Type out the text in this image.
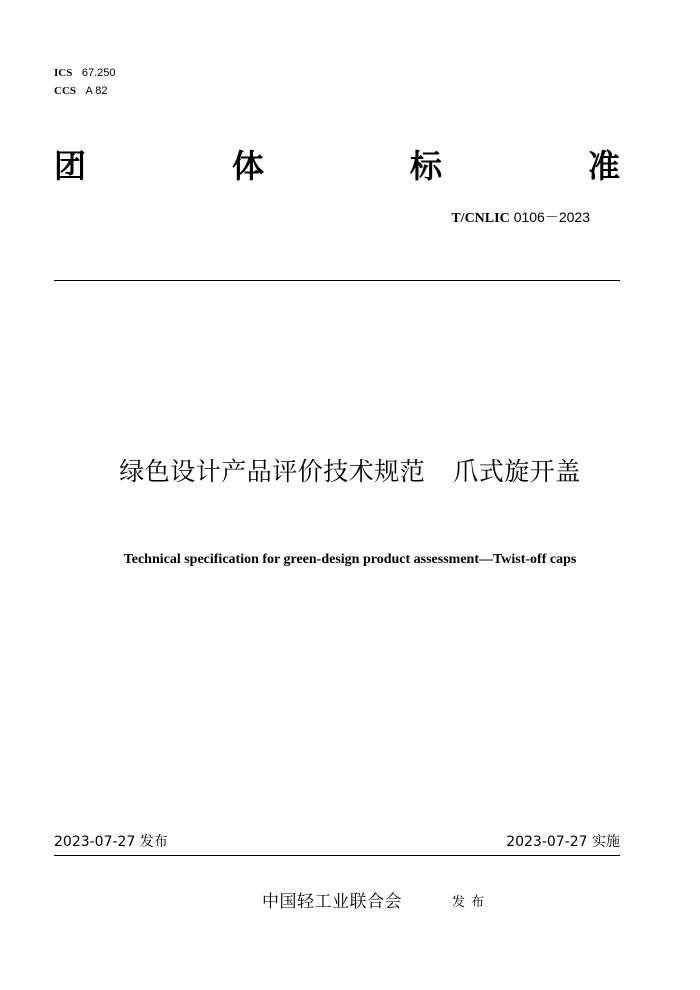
ICS 67.250
CCS A 82
团	体	标	准
T/CNLIC 0106－2023
绿色设计产品评价技术规范 爪式旋开盖
Technical specification for green-design product assessment—Twist-off caps
2023-07-27 发布	2023-07-27 实施
中国轻工业联合会	发布
